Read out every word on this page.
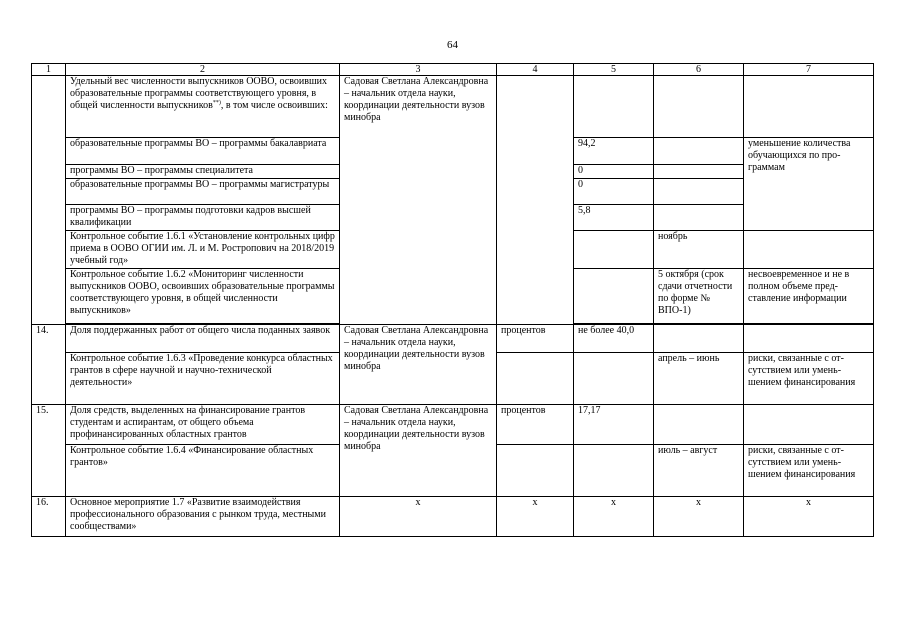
64
1	2	3	4	5	6	7
	Удельный вес численности выпускников ООВО, освоивших образовательные программы соответствующего уровня, в общей численности выпускников**), в том числе освоивших:	Садовая Светлана Александровна – начальник отдела науки, координации деятельности вузов минобра				
	образовательные программы ВО – программы бакалавриата			94,2		уменьшение количества обучающихся по программам
	программы ВО – программы специалитета			0		
	образовательные программы ВО – программы магистратуры			0		
	программы ВО – программы подготовки кадров высшей квалификации			5,8		
	Контрольное событие 1.6.1 «Установление контрольных цифр приема в ООВО ОГИИ им. Л. и М. Ростропович на 2018/2019 учебный год»				ноябрь	
	Контрольное событие 1.6.2 «Мониторинг численности выпускников ООВО, освоивших образовательные программы соответствующего уровня, в общей численности выпускников»				5 октября (срок сдачи отчетности по форме № ВПО-1)	несвоевременное и не в полном объеме представление информации

14.	Доля поддержанных работ от общего числа поданных заявок	Садовая Светлана Александровна – начальник отдела науки, координации деятельности вузов минобра	процентов	не более 40,0		
	Контрольное событие 1.6.3 «Проведение конкурса областных грантов в сфере научной и научно-технической деятельности»				апрель – июнь	риски, связанные с отсутствием или уменьшением финансирования
15.	Доля средств, выделенных на финансирование грантов студентам и аспирантам, от общего объема профинансированных областных грантов	Садовая Светлана Александровна – начальник отдела науки, координации деятельности вузов минобра	процентов	17,17		
	Контрольное событие 1.6.4 «Финансирование областных грантов»				июль – август	риски, связанные с отсутствием или уменьшением финансирования
16.	Основное мероприятие 1.7 «Развитие взаимодействия профессионального образования с рынком труда, местными сообществами»	х	х	х	х	х
